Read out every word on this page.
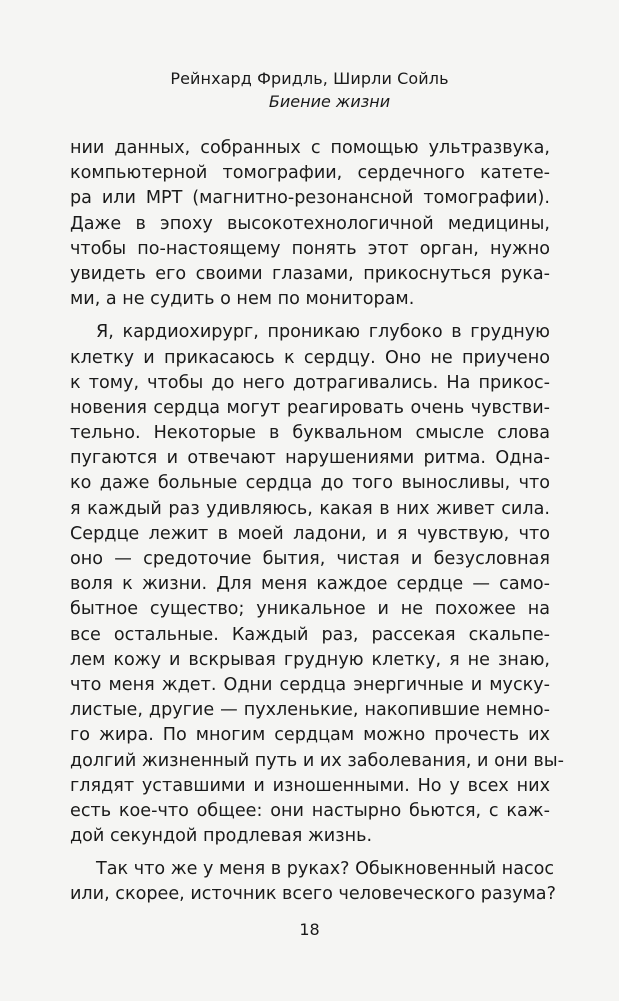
Рейнхард Фридль, Ширли Сойль
Биение жизни
нии данных, собранных с помощью ультразвука,
компьютерной томографии, сердечного катете-
ра или МРТ (магнитно-резонансной томографии).
Даже в эпоху высокотехнологичной медицины,
чтобы по-настоящему понять этот орган, нужно
увидеть его своими глазами, прикоснуться рука-
ми, а не судить о нем по мониторам.
Я, кардиохирург, проникаю глубоко в грудную
клетку и прикасаюсь к сердцу. Оно не приучено
к тому, чтобы до него дотрагивались. На прикос-
новения сердца могут реагировать очень чувстви-
тельно. Некоторые в буквальном смысле слова
пугаются и отвечают нарушениями ритма. Одна-
ко даже больные сердца до того выносливы, что
я каждый раз удивляюсь, какая в них живет сила.
Сердце лежит в моей ладони, и я чувствую, что
оно — средоточие бытия, чистая и безусловная
воля к жизни. Для меня каждое сердце — само-
бытное существо; уникальное и не похожее на
все остальные. Каждый раз, рассекая скальпе-
лем кожу и вскрывая грудную клетку, я не знаю,
что меня ждет. Одни сердца энергичные и муску-
листые, другие — пухленькие, накопившие немно-
го жира. По многим сердцам можно прочесть их
долгий жизненный путь и их заболевания, и они вы-
глядят уставшими и изношенными. Но у всех них
есть кое-что общее: они настырно бьются, с каж-
дой секундой продлевая жизнь.
Так что же у меня в руках? Обыкновенный насос
или, скорее, источник всего человеческого разума?
18
